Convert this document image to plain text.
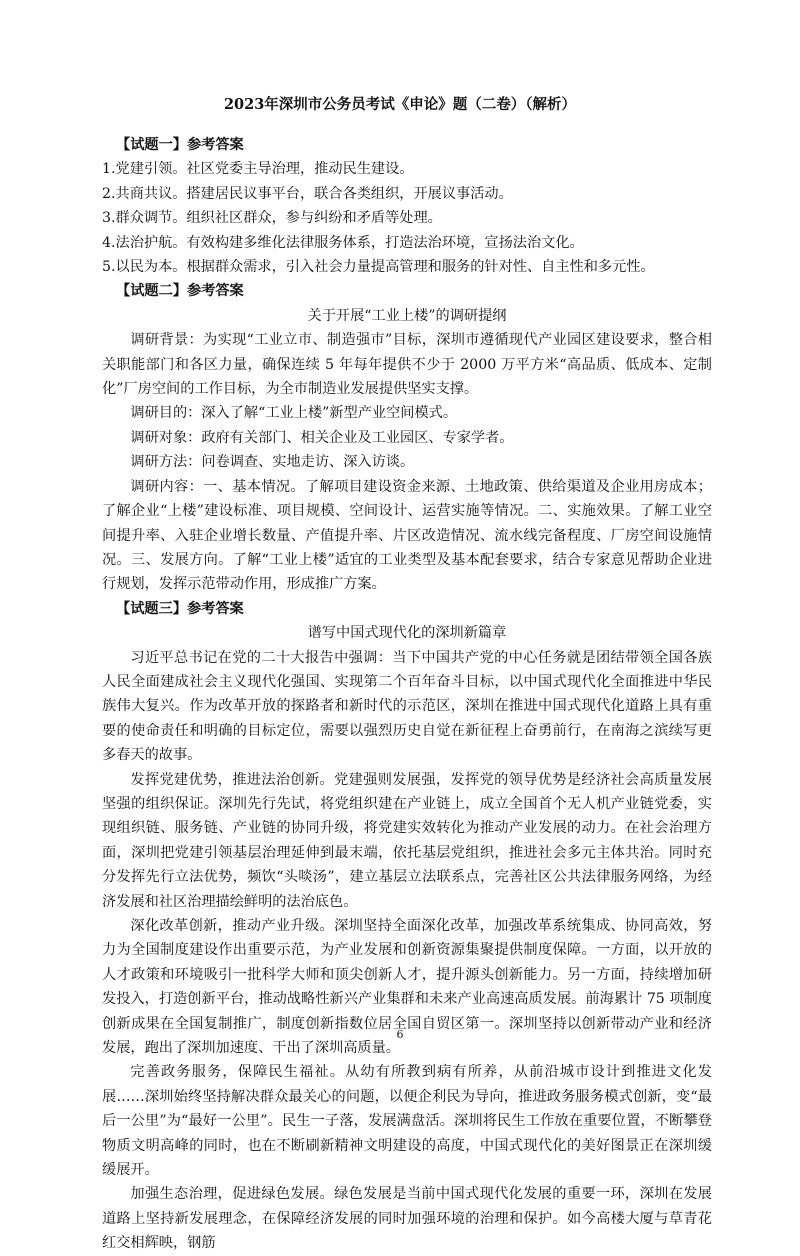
2023年深圳市公务员考试《申论》题（二卷）（解析）
【试题一】参考答案
1.党建引领。社区党委主导治理，推动民生建设。
2.共商共议。搭建居民议事平台，联合各类组织，开展议事活动。
3.群众调节。组织社区群众，参与纠纷和矛盾等处理。
4.法治护航。有效构建多维化法律服务体系，打造法治环境，宣扬法治文化。
5.以民为本。根据群众需求，引入社会力量提高管理和服务的针对性、自主性和多元性。
【试题二】参考答案
关于开展“工业上楼”的调研提纲
调研背景：为实现“工业立市、制造强市”目标，深圳市遵循现代产业园区建设要求，整合相关职能部门和各区力量，确保连续 5 年每年提供不少于 2000 万平方米“高品质、低成本、定制化”厂房空间的工作目标，为全市制造业发展提供坚实支撑。
调研目的：深入了解“工业上楼”新型产业空间模式。
调研对象：政府有关部门、相关企业及工业园区、专家学者。
调研方法：问卷调查、实地走访、深入访谈。
调研内容：一、基本情况。了解项目建设资金来源、土地政策、供给渠道及企业用房成本；了解企业“上楼”建设标准、项目规模、空间设计、运营实施等情况。二、实施效果。了解工业空间提升率、入驻企业增长数量、产值提升率、片区改造情况、流水线完备程度、厂房空间设施情况。三、发展方向。了解“工业上楼”适宜的工业类型及基本配套要求，结合专家意见帮助企业进行规划，发挥示范带动作用，形成推广方案。
【试题三】参考答案
谱写中国式现代化的深圳新篇章
习近平总书记在党的二十大报告中强调：当下中国共产党的中心任务就是团结带领全国各族人民全面建成社会主义现代化强国、实现第二个百年奋斗目标，以中国式现代化全面推进中华民族伟大复兴。作为改革开放的探路者和新时代的示范区，深圳在推进中国式现代化道路上具有重要的使命责任和明确的目标定位，需要以强烈历史自觉在新征程上奋勇前行，在南海之滨续写更多春天的故事。
发挥党建优势，推进法治创新。党建强则发展强，发挥党的领导优势是经济社会高质量发展坚强的组织保证。深圳先行先试，将党组织建在产业链上，成立全国首个无人机产业链党委，实现组织链、服务链、产业链的协同升级，将党建实效转化为推动产业发展的动力。在社会治理方面，深圳把党建引领基层治理延伸到最末端，依托基层党组织，推进社会多元主体共治。同时充分发挥先行立法优势，频饮“头啖汤”，建立基层立法联系点，完善社区公共法律服务网络，为经济发展和社区治理描绘鲜明的法治底色。
深化改革创新，推动产业升级。深圳坚持全面深化改革，加强改革系统集成、协同高效，努力为全国制度建设作出重要示范，为产业发展和创新资源集聚提供制度保障。一方面，以开放的人才政策和环境吸引一批科学大师和顶尖创新人才，提升源头创新能力。另一方面，持续增加研发投入，打造创新平台，推动战略性新兴产业集群和未来产业高速高质发展。前海累计 75 项制度创新成果在全国复制推广，制度创新指数位居全国自贸区第一。深圳坚持以创新带动产业和经济发展，跑出了深圳加速度、干出了深圳高质量。
完善政务服务，保障民生福祉。从幼有所教到病有所养，从前沿城市设计到推进文化发展……深圳始终坚持解决群众最关心的问题，以便企利民为导向，推进政务服务模式创新，变“最后一公里”为“最好一公里”。民生一子落，发展满盘活。深圳将民生工作放在重要位置，不断攀登物质文明高峰的同时，也在不断刷新精神文明建设的高度，中国式现代化的美好图景正在深圳缓缓展开。
加强生态治理，促进绿色发展。绿色发展是当前中国式现代化发展的重要一环，深圳在发展道路上坚持新发展理念，在保障经济发展的同时加强环境的治理和保护。如今高楼大厦与草青花红交相辉映，钢筋
6
